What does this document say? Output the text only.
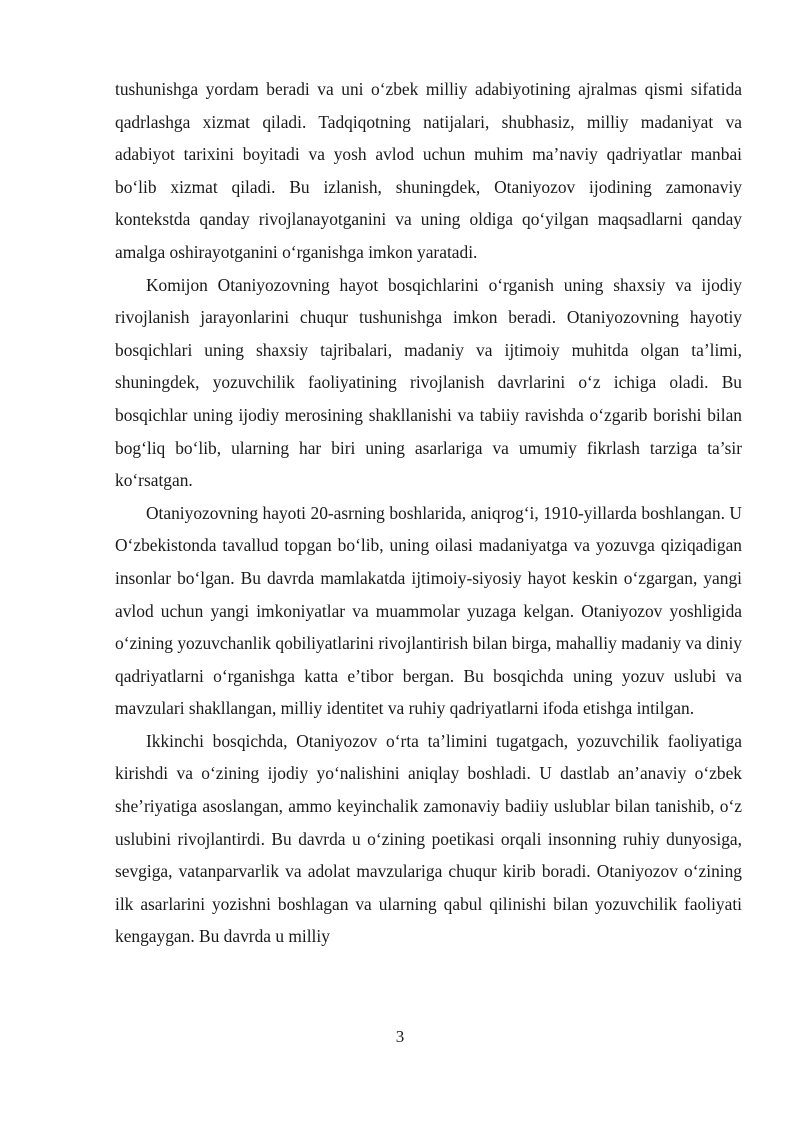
tushunishga yordam beradi va uni o‘zbek milliy adabiyotining ajralmas qismi sifatida qadrlashga xizmat qiladi. Tadqiqotning natijalari, shubhasiz, milliy madaniyat va adabiyot tarixini boyitadi va yosh avlod uchun muhim ma’naviy qadriyatlar manbai bo‘lib xizmat qiladi. Bu izlanish, shuningdek, Otaniyozov ijodining zamonaviy kontekstda qanday rivojlanayotganini va uning oldiga qo‘yilgan maqsadlarni qanday amalga oshirayotganini o‘rganishga imkon yaratadi.

Komijon Otaniyozovning hayot bosqichlarini o‘rganish uning shaxsiy va ijodiy rivojlanish jarayonlarini chuqur tushunishga imkon beradi. Otaniyozovning hayotiy bosqichlari uning shaxsiy tajribalari, madaniy va ijtimoiy muhitda olgan ta’limi, shuningdek, yozuvchilik faoliyatining rivojlanish davrlarini o‘z ichiga oladi. Bu bosqichlar uning ijodiy merosining shakllanishi va tabiiy ravishda o‘zgarib borishi bilan bog‘liq bo‘lib, ularning har biri uning asarlariga va umumiy fikrlash tarziga ta’sir ko‘rsatgan.

Otaniyozovning hayoti 20-asrning boshlarida, aniqrog‘i, 1910-yillarda boshlangan. U O‘zbekistonda tavallud topgan bo‘lib, uning oilasi madaniyatga va yozuvga qiziqadigan insonlar bo‘lgan. Bu davrda mamlakatda ijtimoiy-siyosiy hayot keskin o‘zgargan, yangi avlod uchun yangi imkoniyatlar va muammolar yuzaga kelgan. Otaniyozov yoshligida o‘zining yozuvchanlik qobiliyatlarini rivojlantirish bilan birga, mahalliy madaniy va diniy qadriyatlarni o‘rganishga katta e’tibor bergan. Bu bosqichda uning yozuv uslubi va mavzulari shakllangan, milliy identitet va ruhiy qadriyatlarni ifoda etishga intilgan.

Ikkinchi bosqichda, Otaniyozov o‘rta ta’limini tugatgach, yozuvchilik faoliyatiga kirishdi va o‘zining ijodiy yo‘nalishini aniqlay boshladi. U dastlab an’anaviy o‘zbek she’riyatiga asoslangan, ammo keyinchalik zamonaviy badiiy uslublar bilan tanishib, o‘z uslubini rivojlantirdi. Bu davrda u o‘zining poetikasi orqali insonning ruhiy dunyosiga, sevgiga, vatanparvarlik va adolat mavzulariga chuqur kirib boradi. Otaniyozov o‘zining ilk asarlarini yozishni boshlagan va ularning qabul qilinishi bilan yozuvchilik faoliyati kengaygan. Bu davrda u milliy

3
